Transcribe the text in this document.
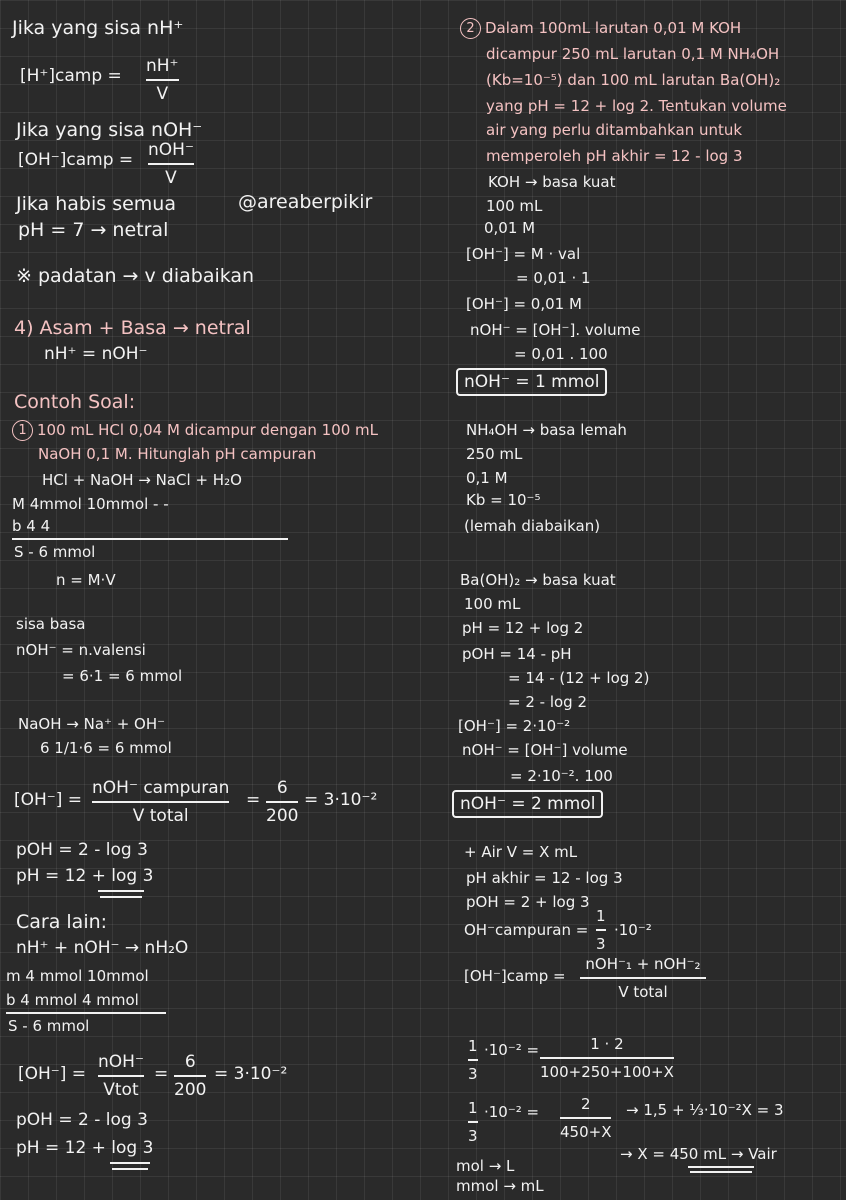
Jika yang sisa nH⁺
[H⁺]camp = nH⁺
V
Jika yang sisa nOH⁻
[OH⁻]camp = nOH⁻
V
Jika habis semua	@areaberpikir
pH = 7 → netral
※ padatan → v diabaikan
4) Asam + Basa → netral
nH⁺ = nOH⁻
Contoh Soal:
1 100 mL HCl 0,04 M dicampur dengan 100 mL
NaOH 0,1 M. Hitunglah pH campuran
HCl + NaOH → NaCl + H₂O
M 4mmol 10mmol - -
b 4 4
S - 6 mmol
n = M·V
sisa basa
nOH⁻ = n.valensi
= 6·1 = 6 mmol
NaOH → Na⁺ + OH⁻
6 1/1·6 = 6 mmol
[OH⁻] =
nOH⁻ campuran
V total
=
6
200
= 3·10⁻²
pOH = 2 - log 3
pH = 12 + log 3
Cara lain:
nH⁺ + nOH⁻ → nH₂O
m 4 mmol 10mmol
b 4 mmol 4 mmol
S - 6 mmol
[OH⁻] =
nOH⁻
Vtot
=
6
200
= 3·10⁻²
pOH = 2 - log 3
pH = 12 + log 3
2 Dalam 100mL larutan 0,01 M KOH
dicampur 250 mL larutan 0,1 M NH₄OH
(Kb=10⁻⁵) dan 100 mL larutan Ba(OH)₂
yang pH = 12 + log 2. Tentukan volume
air yang perlu ditambahkan untuk
memperoleh pH akhir = 12 - log 3
KOH → basa kuat
100 mL
0,01 M
[OH⁻] = M · val
= 0,01 · 1
[OH⁻] = 0,01 M
nOH⁻ = [OH⁻]. volume
= 0,01 . 100
nOH⁻ = 1 mmol
NH₄OH → basa lemah
250 mL
0,1 M
Kb = 10⁻⁵
(lemah diabaikan)
Ba(OH)₂ → basa kuat
100 mL
pH = 12 + log 2
pOH = 14 - pH
= 14 - (12 + log 2)
= 2 - log 2
[OH⁻] = 2·10⁻²
nOH⁻ = [OH⁻] volume
= 2·10⁻². 100
nOH⁻ = 2 mmol
+ Air V = X mL
pH akhir = 12 - log 3
pOH = 2 + log 3
OH⁻campuran =
1
3
·10⁻²
[OH⁻]camp =
nOH⁻₁ + nOH⁻₂
V total
1
3
·10⁻² =	1 · 2
100+250+100+X
1
3
·10⁻² =	2
450+X
→ 1,5 + ⅓·10⁻²X = 3
→ X = 450 mL → Vair
mol → L
mmol → mL
